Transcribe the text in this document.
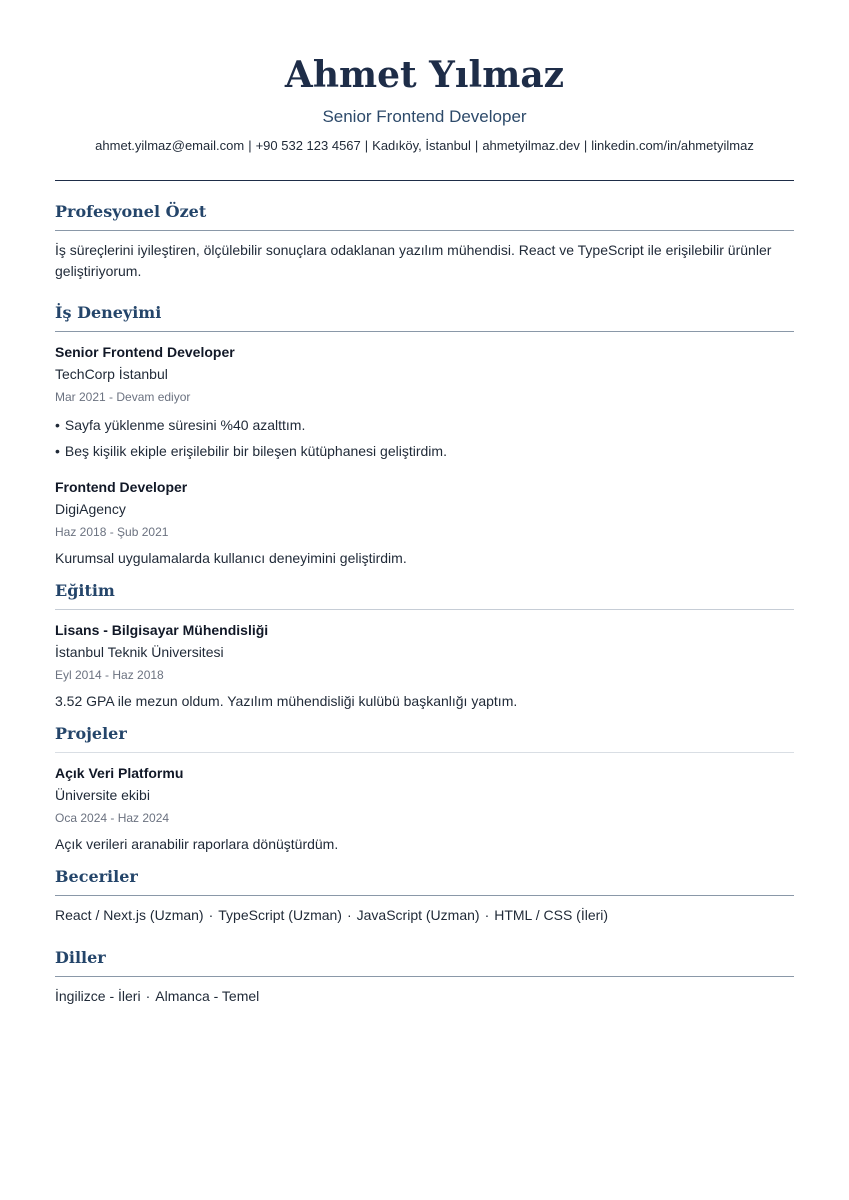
Ahmet Yılmaz
Senior Frontend Developer
ahmet.yilmaz@email.com | +90 532 123 4567 | Kadıköy, İstanbul | ahmetyilmaz.dev | linkedin.com/in/ahmetyilmaz
Profesyonel Özet

İş süreçlerini iyileştiren, ölçülebilir sonuçlara odaklanan yazılım mühendisi. React ve TypeScript ile erişilebilir ürünler geliştiriyorum.

İş Deneyimi
Senior Frontend Developer
TechCorp İstanbul
Mar 2021 - Devam ediyor
• Sayfa yüklenme süresini %40 azalttım.
• Beş kişilik ekiple erişilebilir bir bileşen kütüphanesi geliştirdim.
Frontend Developer
DigiAgency
Haz 2018 - Şub 2021
Kurumsal uygulamalarda kullanıcı deneyimini geliştirdim.
Eğitim
Lisans - Bilgisayar Mühendisliği
İstanbul Teknik Üniversitesi
Eyl 2014 - Haz 2018
3.52 GPA ile mezun oldum. Yazılım mühendisliği kulübü başkanlığı yaptım.
Projeler
Açık Veri Platformu
Üniversite ekibi
Oca 2024 - Haz 2024
Açık verileri aranabilir raporlara dönüştürdüm.
Beceriler

React / Next.js (Uzman) · TypeScript (Uzman) · JavaScript (Uzman) · HTML / CSS (İleri)

Diller

İngilizce - İleri · Almanca - Temel
